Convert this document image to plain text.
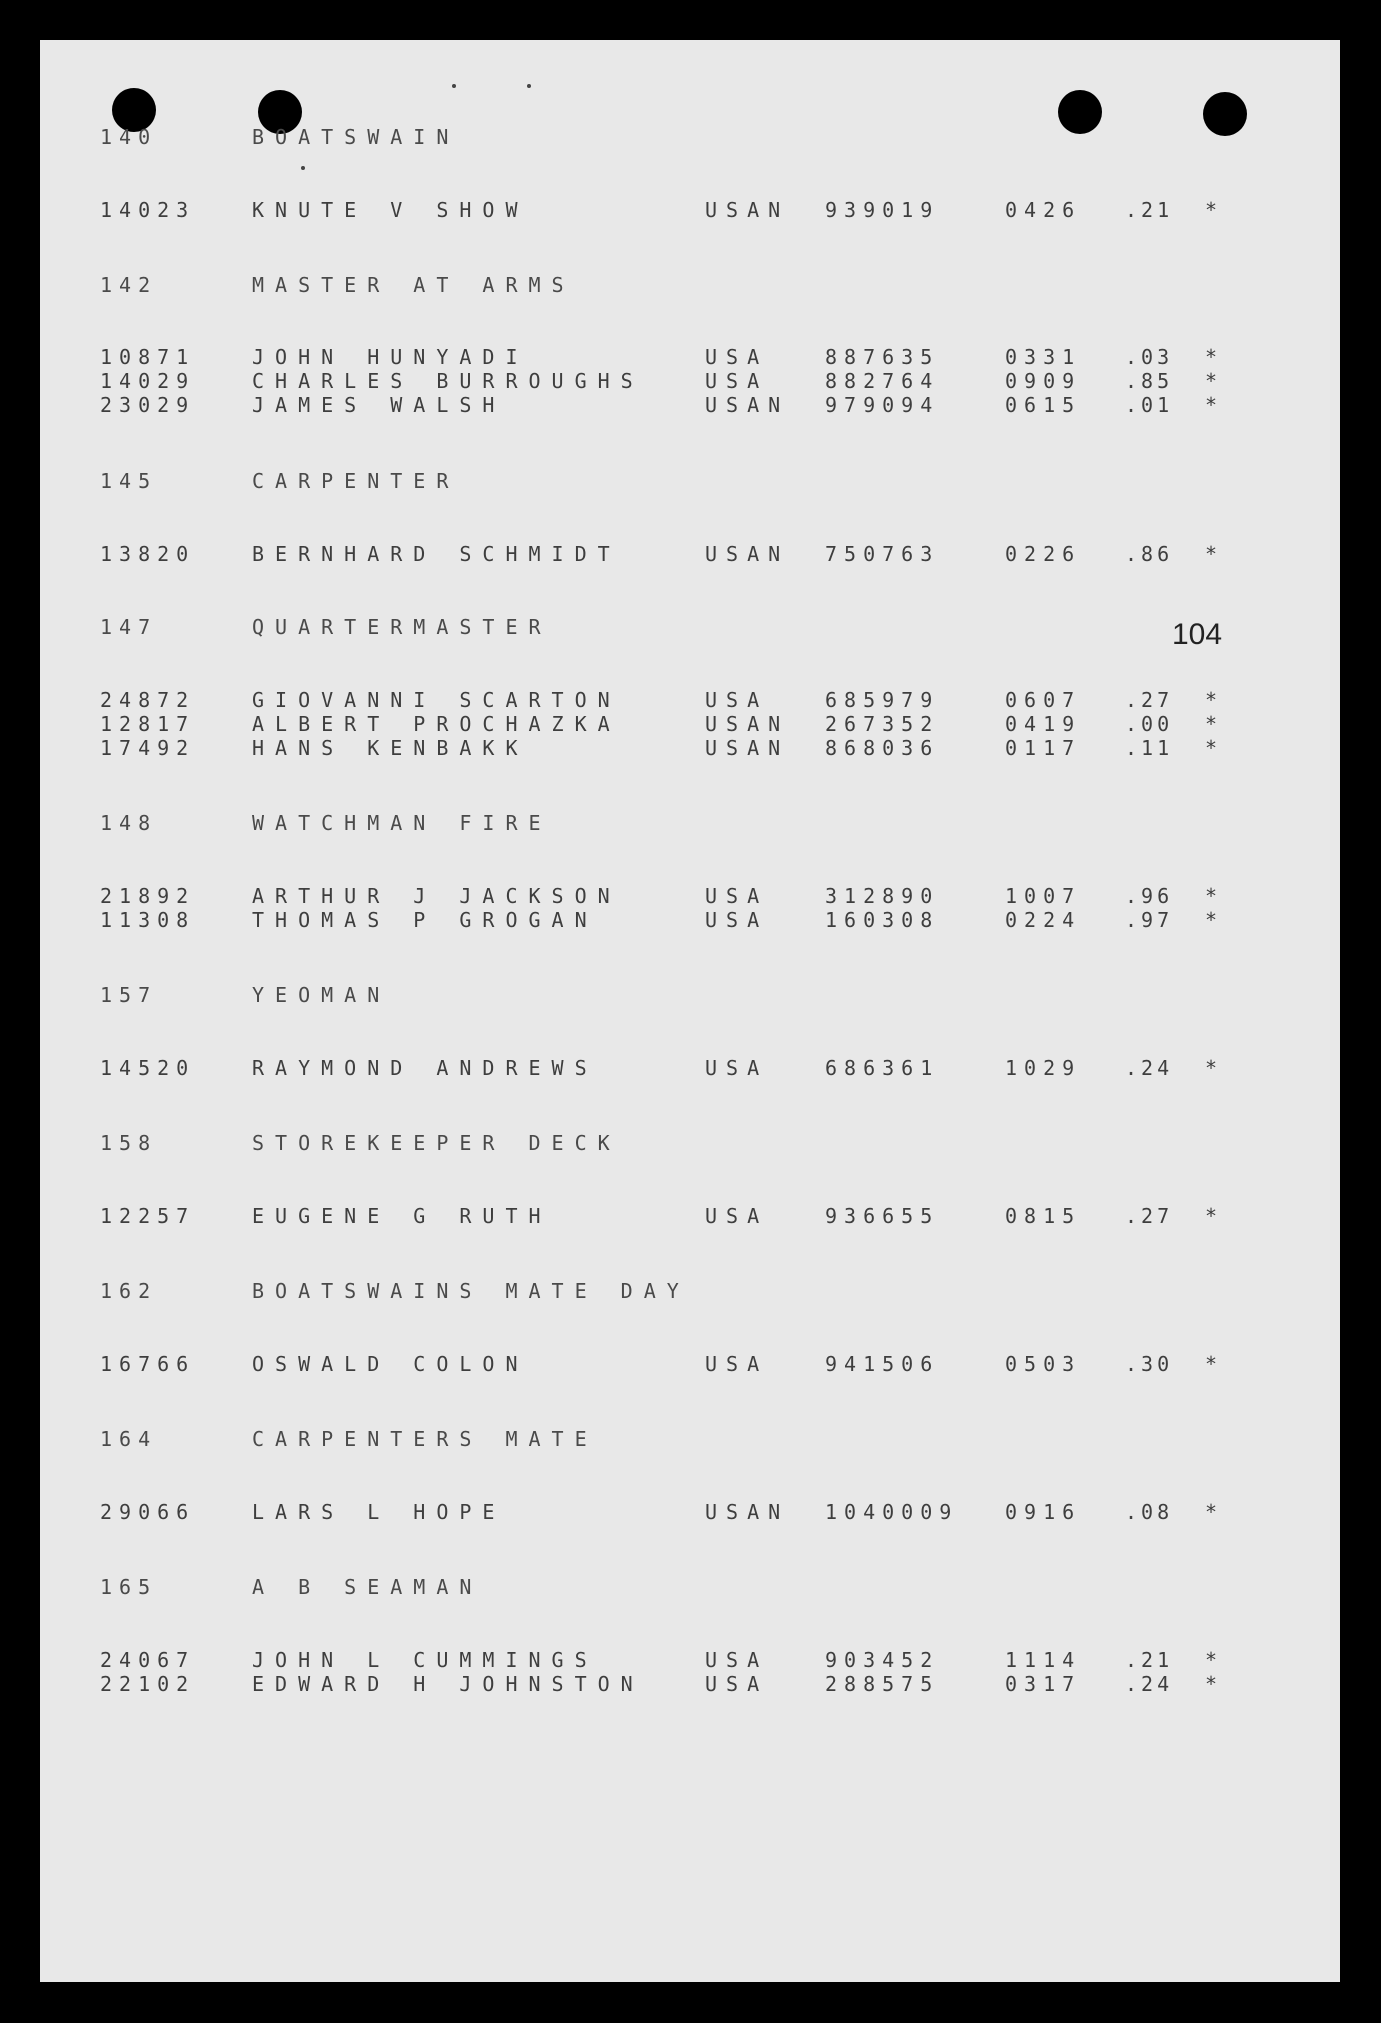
104
140	BOATSWAIN
14023	KNUTE V SHOW	USAN 939019	0426 .21 *
142	MASTER AT ARMS
10871	JOHN HUNYADI	USA	887635	0331 .03 *
14029	CHARLES BURROUGHS	USA	882764	0909 .85 *
23029	JAMES WALSH	USAN 979094	0615 .01 *
145	CARPENTER
13820	BERNHARD SCHMIDT	USAN 750763	0226 .86 *
147	QUARTERMASTER
24872	GIOVANNI SCARTON	USA	685979	0607 .27 *
12817	ALBERT PROCHAZKA	USAN 267352	0419 .00 *
17492	HANS KENBAKK	USAN 868036	0117 .11 *
148	WATCHMAN FIRE
21892	ARTHUR J JACKSON	USA	312890	1007 .96 *
11308	THOMAS P GROGAN	USA	160308	0224 .97 *
157	YEOMAN
14520	RAYMOND ANDREWS	USA	686361	1029 .24 *
158	STOREKEEPER DECK
12257	EUGENE G RUTH	USA	936655	0815 .27 *
162	BOATSWAINS MATE DAY
16766	OSWALD COLON	USA	941506	0503 .30 *
164	CARPENTERS MATE
29066	LARS L HOPE	USAN 1040009 0916 .08 *
165	A B SEAMAN
24067	JOHN L CUMMINGS	USA	903452	1114 .21 *
22102	EDWARD H JOHNSTON	USA	288575	0317 .24 *
